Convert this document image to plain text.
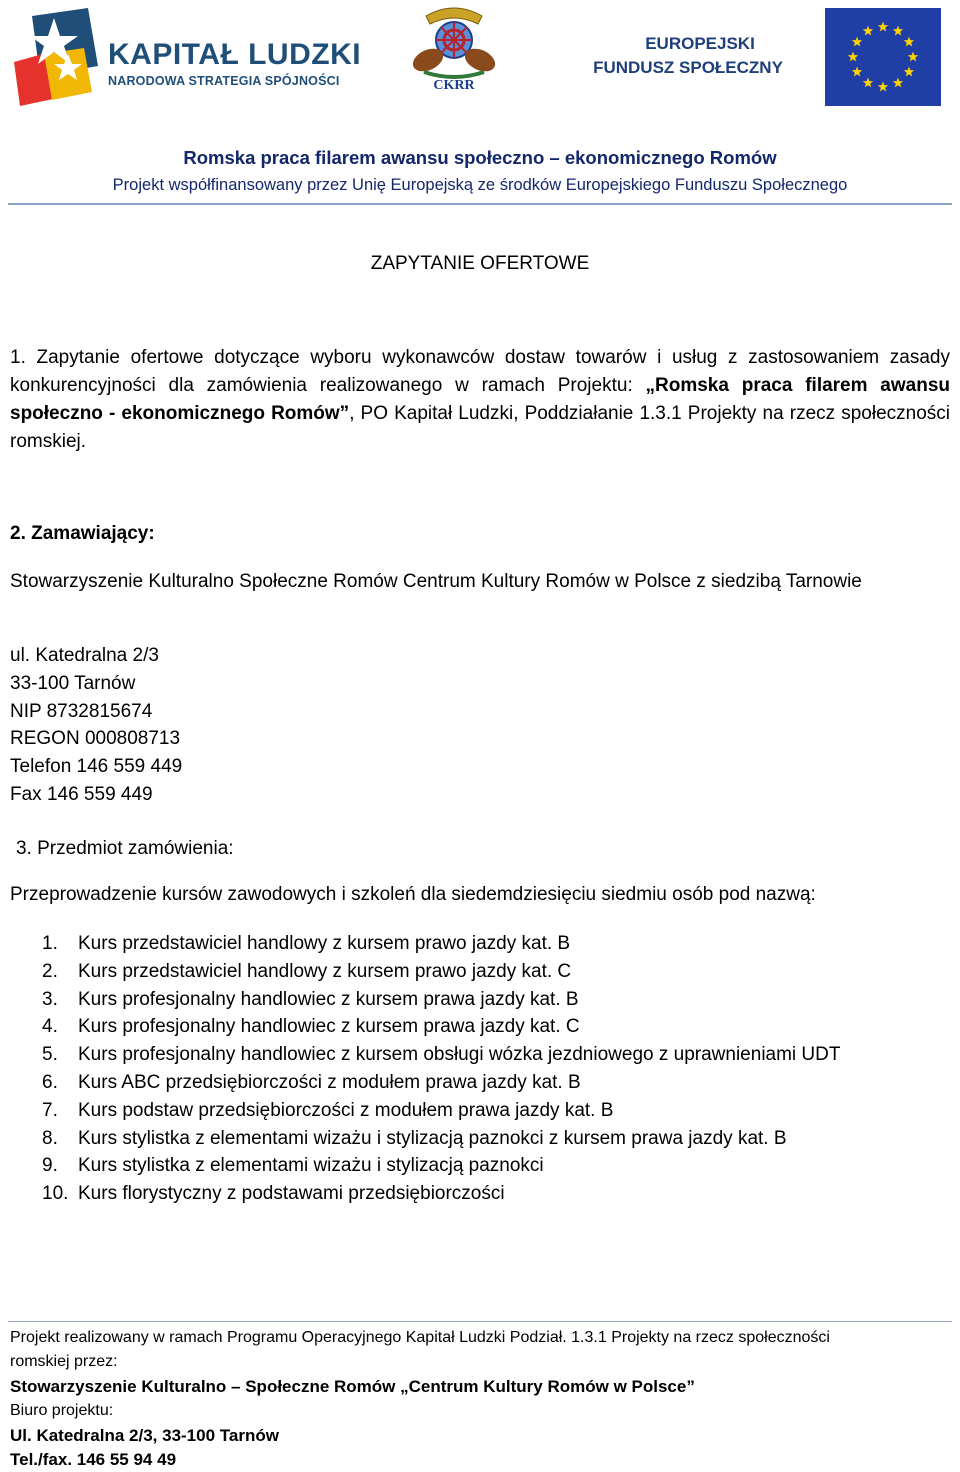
KAPITAŁ LUDZKI
NARODOWA STRATEGIA SPÓJNOŚCI	CKRR
EUROPEJSKI
FUNDUSZ SPOŁECZNY
Romska praca filarem awansu społeczno – ekonomicznego Romów
Projekt współfinansowany przez Unię Europejską ze środków Europejskiego Funduszu Społecznego
ZAPYTANIE OFERTOWE
1. Zapytanie ofertowe dotyczące wyboru wykonawców dostaw towarów i usług z zastosowaniem zasady konkurencyjności dla zamówienia realizowanego w ramach Projektu: „Romska praca filarem awansu społeczno - ekonomicznego Romów”, PO Kapitał Ludzki, Poddziałanie 1.3.1 Projekty na rzecz społeczności romskiej.
2. Zamawiający:
Stowarzyszenie Kulturalno Społeczne Romów Centrum Kultury Romów w Polsce z siedzibą Tarnowie
ul. Katedralna 2/3
33-100 Tarnów
NIP 8732815674
REGON 000808713
Telefon 146 559 449
Fax 146 559 449
3. Przedmiot zamówienia:
Przeprowadzenie kursów zawodowych i szkoleń dla siedemdziesięciu siedmiu osób pod nazwą:
1. Kurs przedstawiciel handlowy z kursem prawo jazdy kat. B
2. Kurs przedstawiciel handlowy z kursem prawo jazdy kat. C
3. Kurs profesjonalny handlowiec z kursem prawa jazdy kat. B
4. Kurs profesjonalny handlowiec z kursem prawa jazdy kat. C
5. Kurs profesjonalny handlowiec z kursem obsługi wózka jezdniowego z uprawnieniami UDT
6. Kurs ABC przedsiębiorczości z modułem prawa jazdy kat. B
7. Kurs podstaw przedsiębiorczości z modułem prawa jazdy kat. B
8. Kurs stylistka z elementami wizażu i stylizacją paznokci z kursem prawa jazdy kat. B
9. Kurs stylistka z elementami wizażu i stylizacją paznokci
10. Kurs florystyczny z podstawami przedsiębiorczości
Projekt realizowany w ramach Programu Operacyjnego Kapitał Ludzki Podział. 1.3.1 Projekty na rzecz społeczności
romskiej przez:
Stowarzyszenie Kulturalno – Społeczne Romów „Centrum Kultury Romów w Polsce”
Biuro projektu:
Ul. Katedralna 2/3, 33-100 Tarnów
Tel./fax. 146 55 94 49
